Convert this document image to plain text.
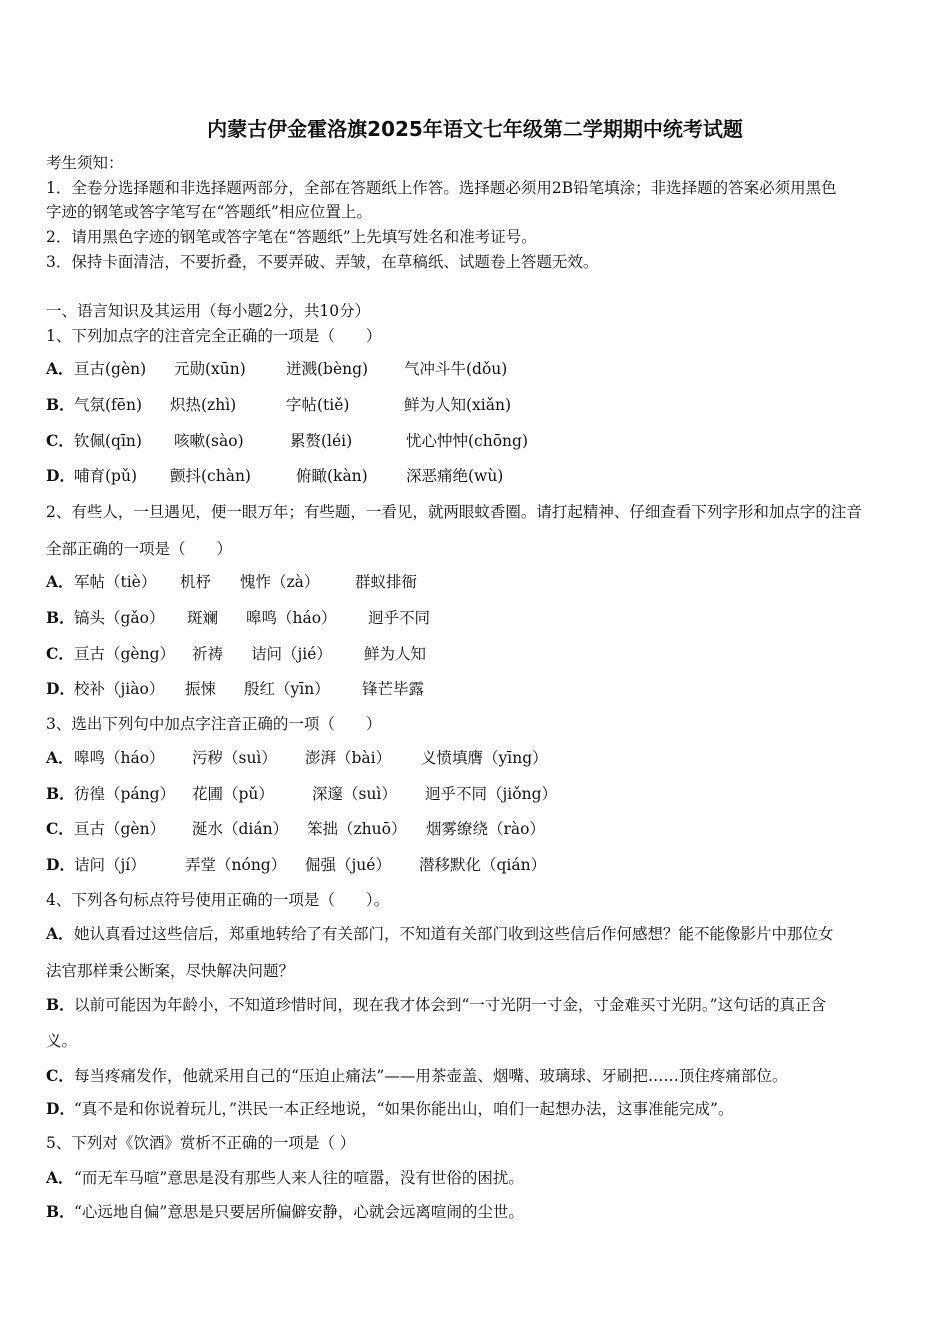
内蒙古伊金霍洛旗2025年语文七年级第二学期期中统考试题
考生须知：
1．全卷分选择题和非选择题两部分，全部在答题纸上作答。选择题必须用2B铅笔填涂；非选择题的答案必须用黑色
字迹的钢笔或答字笔写在“答题纸”相应位置上。
2．请用黑色字迹的钢笔或答字笔在“答题纸”上先填写姓名和准考证号。
3．保持卡面清洁，不要折叠，不要弄破、弄皱，在草稿纸、试题卷上答题无效。
一、语言知识及其运用（每小题2分，共10分）
1、下列加点字的注音完全正确的一项是（　　）
A． 亘古(gèn) 元勋(xūn)	迸溅(bèng) 气冲斗牛(dǒu)
B． 气氛(fēn) 炽热(zhì)	字帖(tiě)	鲜为人知(xiǎn)
C． 钦佩(qīn) 咳嗽(sào)	累赘(léi)	忧心忡忡(chōng)
D． 哺育(pǔ) 颤抖(chàn)	俯瞰(kàn) 深恶痛绝(wù)
2、有些人，一旦遇见，便一眼万年；有些题，一看见，就两眼蚊香圈。请打起精神、仔细查看下列字形和加点字的注音
全部正确的一项是（　　）
A． 军帖（tiè） 机杼 愧怍（zà） 群蚁排衙
B． 镐头（gǎo） 斑斓 嗥鸣（háo） 迥乎不同
C． 亘古（gèng） 祈祷 诘问（jié） 鲜为人知
D． 校补（jiào） 振悚 殷红（yīn） 锋芒毕露
3、选出下列句中加点字注音正确的一项（　　）
A． 嗥鸣（háo） 污秽（suì） 澎湃（bài） 义愤填膺（yīng）
B． 彷徨（páng） 花圃（pǔ） 深邃（suì） 迥乎不同（jiǒng）
C． 亘古（gèn） 涎水（dián） 笨拙（zhuō） 烟雾缭绕（rào）
D． 诘问（jí）	弄堂（nóng） 倔强（jué） 潜移默化（qián）
4、下列各句标点符号使用正确的一项是（　　）。
A． 她认真看过这些信后，郑重地转给了有关部门，不知道有关部门收到这些信后作何感想？能不能像影片中那位女
法官那样秉公断案，尽快解决问题？
B． 以前可能因为年龄小，不知道珍惜时间，现在我才体会到“一寸光阴一寸金，寸金难买寸光阴。”这句话的真正含
义。
C． 每当疼痛发作，他就采用自己的“压迫止痛法”——用茶壶盖、烟嘴、玻璃球、牙刷把……顶住疼痛部位。
D． “真不是和你说着玩儿，”洪民一本正经地说，“如果你能出山，咱们一起想办法，这事准能完成”。
5、下列对《饮酒》赏析不正确的一项是（ ）
A． “而无车马喧”意思是没有那些人来人往的喧嚣，没有世俗的困扰。
B． “心远地自偏”意思是只要居所偏僻安静，心就会远离喧闹的尘世。
